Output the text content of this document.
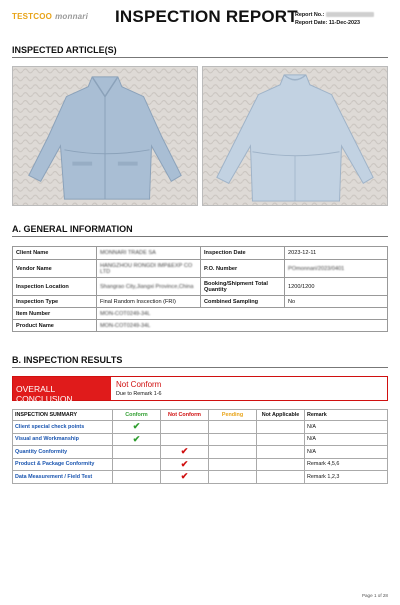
TESTCOO monnari INSPECTION REPORT
Report No.:
Report Date: 11-Dec-2023
INSPECTED ARTICLE(S)
A. GENERAL INFORMATION
Client Name	MONNARI TRADE SA	Inspection Date	2023-12-11
Vendor Name	HANGZHOU RONGDI IMP&EXP CO LTD	P.O. Number	POmonnari/2023/0401
Inspection Location	Shangrao City,Jiangxi Province,China	Booking/Shipment Total Quantity	1200/1200
Inspection Type	Final Random Inscection (FRI)	Combined Sampling	No
Item Number	MON-COT0249-34L		
Product Name	MON-COT0249-34L		
B. INSPECTION RESULTS
OVERALL CONCLUSION
Not Conform
Due to Remark 1-6
INSPECTION SUMMARY	Conform	Not Conform	Pending	Not Applicable	Remark
Client special check points	✔				N/A
Visual and Workmanship	✔				N/A
Quantity Conformity		✔			N/A
Product & Package Conformity		✔			Remark 4,5,6
Data Measurement / Field Test		✔			Remark 1,2,3
Page 1 of 28
